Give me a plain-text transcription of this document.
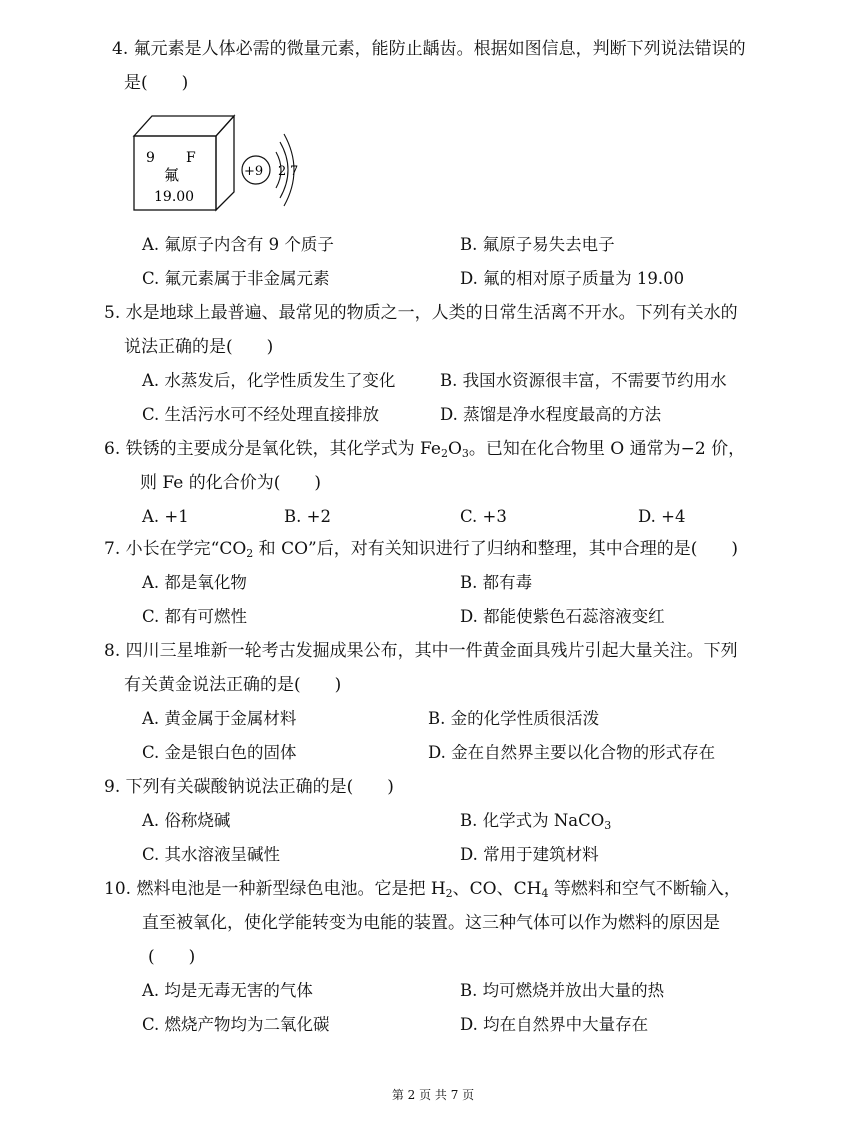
4. 氟元素是人体必需的微量元素，能防止龋齿。根据如图信息，判断下列说法错误的
是(　　)
9 F
氟
19.00
+9 2 7
A. 氟原子内含有 9 个质子	B. 氟原子易失去电子
C. 氟元素属于非金属元素	D. 氟的相对原子质量为 19.00
5. 水是地球上最普遍、最常见的物质之一，人类的日常生活离不开水。下列有关水的
说法正确的是(　　)
A. 水蒸发后，化学性质发生了变化	B. 我国水资源很丰富，不需要节约用水
C. 生活污水可不经处理直接排放	D. 蒸馏是净水程度最高的方法
6. 铁锈的主要成分是氧化铁，其化学式为 $Fe_2O_3$。已知在化合物里 O 通常为−2 价，
则 Fe 的化合价为(　　)
A. +1	B. +2	C. +3	D. +4
7. 小长在学完“$CO_2$ 和 CO”后，对有关知识进行了归纳和整理，其中合理的是(　　)
A. 都是氧化物	B. 都有毒
C. 都有可燃性	D. 都能使紫色石蕊溶液变红
8. 四川三星堆新一轮考古发掘成果公布，其中一件黄金面具残片引起大量关注。下列
有关黄金说法正确的是(　　)
A. 黄金属于金属材料	B. 金的化学性质很活泼
C. 金是银白色的固体	D. 金在自然界主要以化合物的形式存在
9. 下列有关碳酸钠说法正确的是(　　)
A. 俗称烧碱	B. 化学式为 NaCO$_3$
C. 其水溶液呈碱性	D. 常用于建筑材料
10. 燃料电池是一种新型绿色电池。它是把 $H_2$、CO、$CH_4$ 等燃料和空气不断输入，
直至被氧化，使化学能转变为电能的装置。这三种气体可以作为燃料的原因是
(　　)
A. 均是无毒无害的气体	B. 均可燃烧并放出大量的热
C. 燃烧产物均为二氧化碳	D. 均在自然界中大量存在
第 2 页 共 7 页
